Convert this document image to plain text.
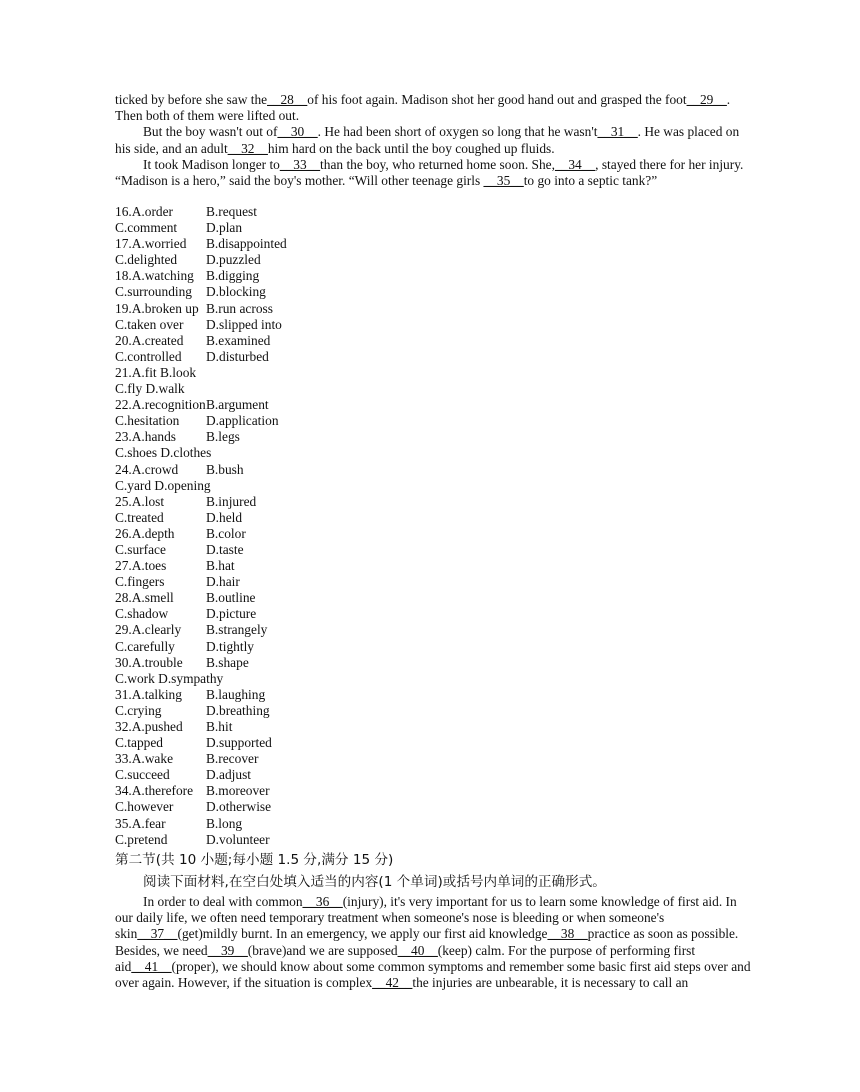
ticked by before she saw the__28__of his foot again. Madison shot her good hand out and grasped the foot__29__. Then both of them were lifted out.

But the boy wasn't out of__30__. He had been short of oxygen so long that he wasn't__31__. He was placed on his side, and an adult__32__him hard on the back until the boy coughed up fluids.

It took Madison longer to__33__than the boy, who returned home soon. She,__34__, stayed there for her injury. “Madison is a hero,” said the boy's mother. “Will other teenage girls __35__to go into a septic tank?”

16.A.order B.request
C.comment D.plan
17.A.worried B.disappointed
C.delighted D.puzzled
18.A.watching B.digging
C.surrounding D.blocking
19.A.broken up B.run across
C.taken over D.slipped into
20.A.created B.examined
C.controlled D.disturbed
21.A.fit B.look
C.fly D.walk
22.A.recognitionB.argument
C.hesitation D.application
23.A.hands B.legs
C.shoes D.clothes
24.A.crowd B.bush
C.yard D.opening
25.A.lost	B.injured
C.treated	D.held
26.A.depth B.color
C.surface	D.taste
27.A.toes	B.hat
C.fingers	D.hair
28.A.smell B.outline
C.shadow	D.picture
29.A.clearly B.strangely
C.carefully D.tightly
30.A.trouble B.shape
C.work D.sympathy
31.A.talking B.laughing
C.crying	D.breathing
32.A.pushed B.hit
C.tapped	D.supported
33.A.wake B.recover
C.succeed	D.adjust
34.A.therefore B.moreover
C.however D.otherwise
35.A.fear	B.long
C.pretend	D.volunteer
第二节(共 10 小题;每小题 1.5 分,满分 15 分)
阅读下面材料,在空白处填入适当的内容(1 个单词)或括号内单词的正确形式。

In order to deal with common__36__(injury), it's very important for us to learn some knowledge of first aid. In our daily life, we often need temporary treatment when someone's nose is bleeding or when someone's skin__37__(get)mildly burnt. In an emergency, we apply our first aid knowledge__38__practice as soon as possible. Besides, we need__39__(brave)and we are supposed__40__(keep) calm. For the purpose of performing first aid__41__(proper), we should know about some common symptoms and remember some basic first aid steps over and over again. However, if the situation is complex__42__the injuries are unbearable, it is necessary to call an
